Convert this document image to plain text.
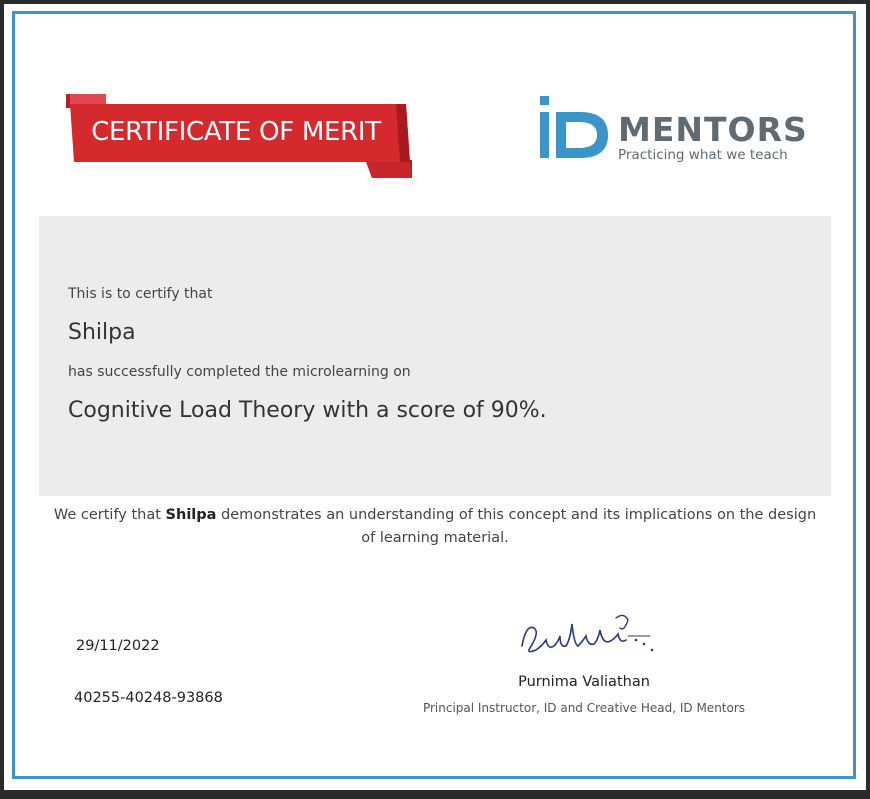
CERTIFICATE OF MERIT	MENTORS
Practicing what we teach
This is to certify that
Shilpa
has successfully completed the microlearning on
Cognitive Load Theory with a score of 90%.
We certify that Shilpa demonstrates an understanding of this concept and its implications on the design
of learning material.
29/11/2022
40255-40248-93868
Purnima Valiathan
Principal Instructor, ID and Creative Head, ID Mentors
